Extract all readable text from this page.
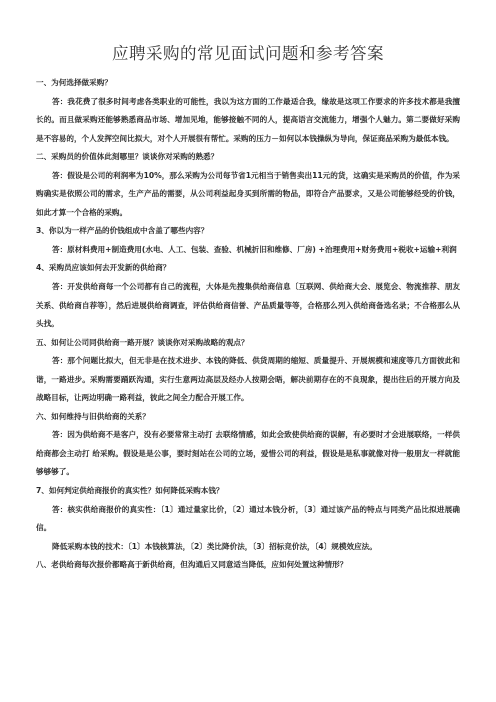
应聘采购的常见面试问题和参考答案

一、为何选择做采购？

答：我花费了很多时间考虑各类职业的可能性，我以为这方面的工作最适合我，缘故是这项工作要求的许多技术都是我擅长的。而且做采购还能够熟悉商品市场、增加见地，能够接触不同的人，提高语言交流能力，增强个人魅力。第二要做好采购是不容易的，个人发挥空间比拟大，对个人开展很有帮忙。采购的压力－如何以本钱操纵为导向，保证商品采购为最低本钱。

二、采购员的价值体此刻哪里？谈谈你对采购的熟悉？

答：假设是公司的利润率为10%，那么采购为公司每节省1元相当于销售卖出11元的货，这确实是采购员的价值，作为采购确实是依照公司的需求，生产产品的需要，从公司利益起身买到所需的物品，即符合产品要求，又是公司能够经受的价钱，如此才算一个合格的采购。

3、你以为一样产品的价钱组成中含盖了哪些内容？

答：原材料费用+制造费用(水电、人工、包装、查验、机械折旧和维修、厂房) +治理费用+财务费用+税收+运输+利润

4、采购员应该如何去开发新的供给商？

答：开发供给商每一个公司都有自己的流程，大体是先搜集供给商信息〔互联网、供给商大会、展览会、物流推荐、朋友关系、供给商自荐等〕，然后进展供给商调查，评估供给商信誉、产品质量等等，合格那么列入供给商备选名录；不合格那么从头找。

五、如何让公司同供给商一路开展？谈谈你对采购战略的观点？

答：那个问题比拟大，但无非是在技术进步、本钱的降低、供货周期的缩短、质量提升、开展规模和速度等几方面彼此和谐，一路进步。采购需要踊跃沟通，实行生意两边高层及经办人按期会晤，解决前期存在的不良现象，提出往后的开展方向及战略目标，让两边明确一路利益，彼此之间全力配合开展工作。

六、如何维持与旧供给商的关系？

答：因为供给商不是客户，没有必要常常主动打 去联络情感，如此会致使供给商的误解，有必要时才会进展联络，一样供给商都会主动打 给采购。假设是是公事，要时刻站在公司的立场，爱惜公司的利益，假设是是私事就像对待一般朋友一样就能够够够了。

7、如何判定供给商报价的真实性？如何降低采购本钱？

答：核实供给商报价的真实性：〔1〕通过量家比价，〔2〕通过本钱分析，〔3〕通过该产品的特点与同类产品比拟进展确信。

降低采购本钱的技术：〔1〕本钱核算法，〔2〕类比降价法，〔3〕招标竞价法，〔4〕规模效应法。

八、老供给商每次报价都略高于新供给商，但沟通后又同意适当降低，应如何处置这种情形？
